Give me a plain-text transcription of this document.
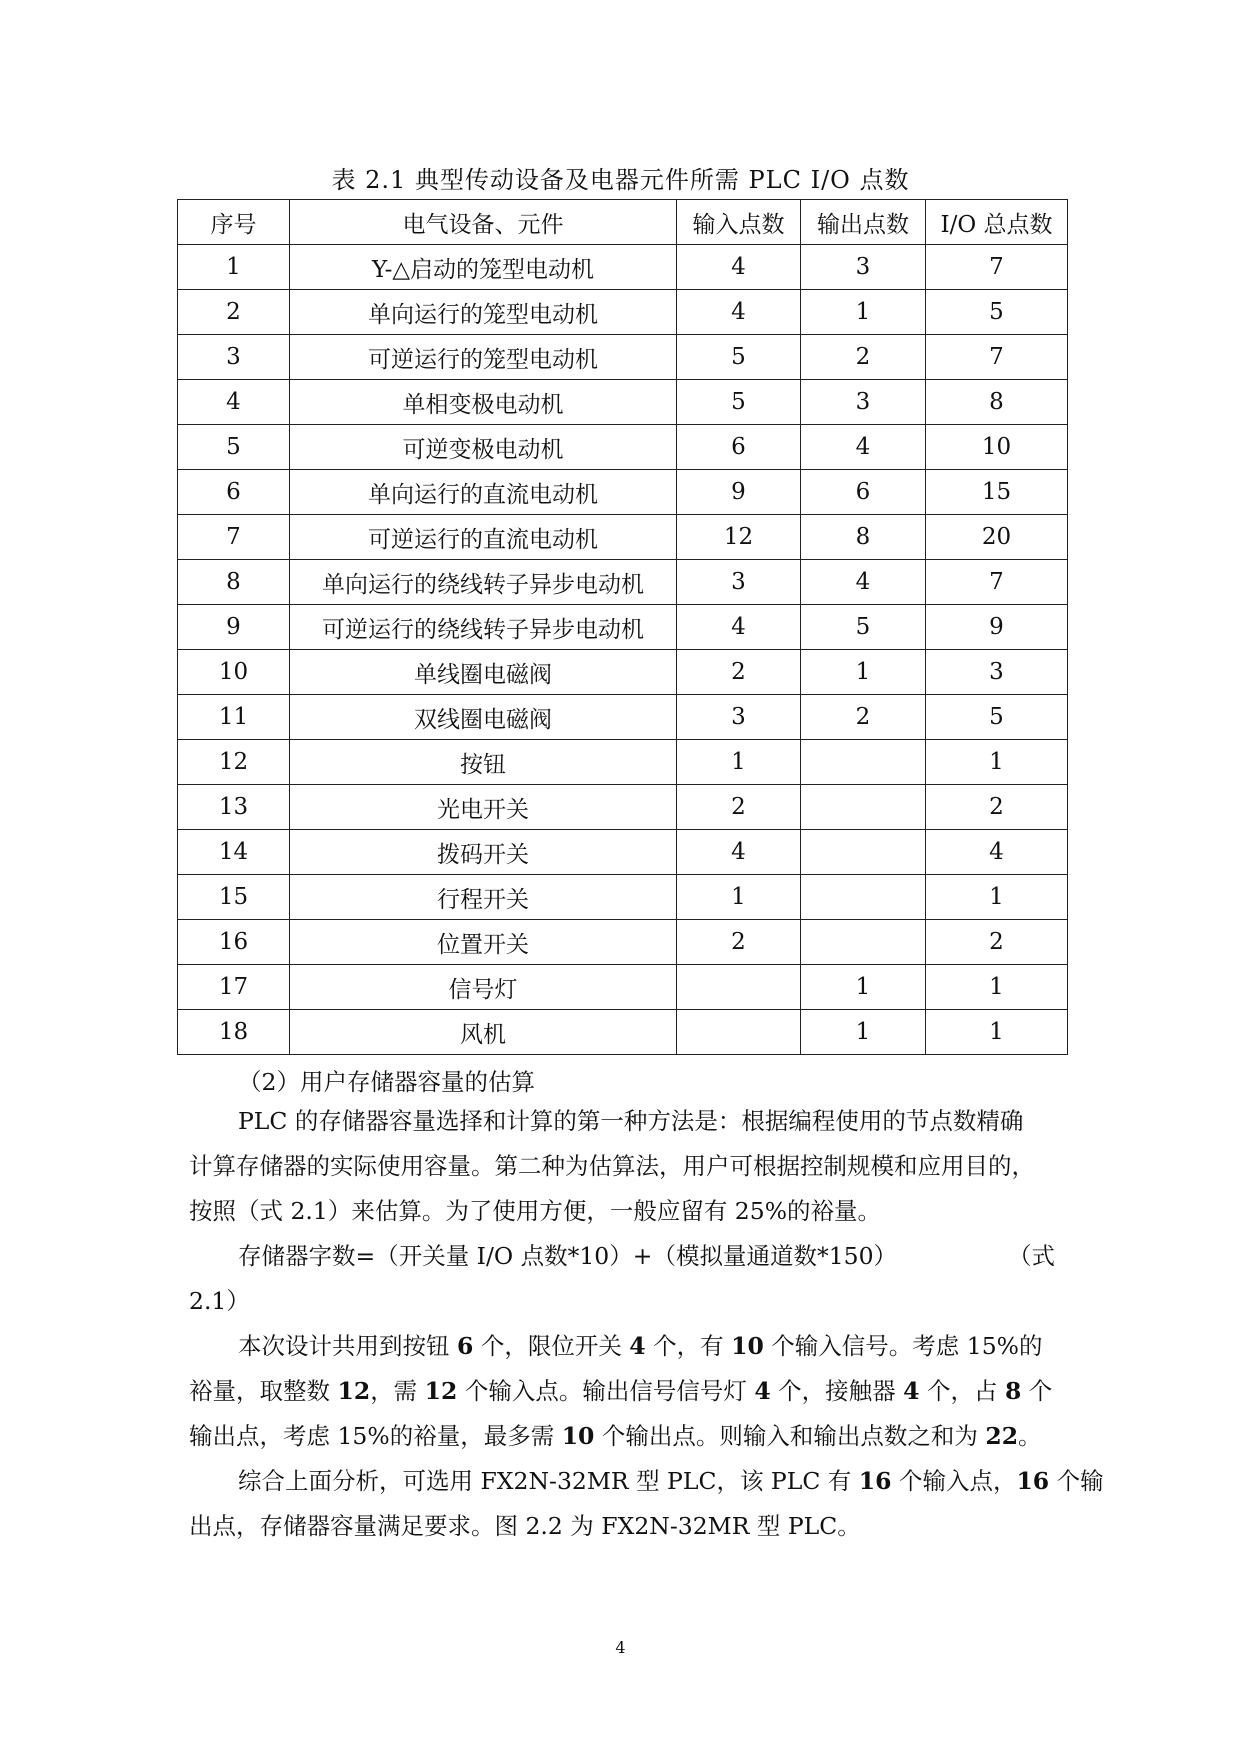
表 2.1 典型传动设备及电器元件所需 PLC I/O 点数
序号	电气设备、元件	输入点数	输出点数	I/O 总点数
1	Y-△启动的笼型电动机	4	3	7
2	单向运行的笼型电动机	4	1	5
3	可逆运行的笼型电动机	5	2	7
4	单相变极电动机	5	3	8
5	可逆变极电动机	6	4	10
6	单向运行的直流电动机	9	6	15
7	可逆运行的直流电动机	12	8	20
8	单向运行的绕线转子异步电动机	3	4	7
9	可逆运行的绕线转子异步电动机	4	5	9
10	单线圈电磁阀	2	1	3
11	双线圈电磁阀	3	2	5
12	按钮	1		1
13	光电开关	2		2
14	拨码开关	4		4
15	行程开关	1		1
16	位置开关	2		2
17	信号灯		1	1
18	风机		1	1
（2）用户存储器容量的估算
PLC 的存储器容量选择和计算的第一种方法是：根据编程使用的节点数精确
计算存储器的实际使用容量。第二种为估算法，用户可根据控制规模和应用目的，
按照（式 2.1）来估算。为了使用方便，一般应留有 25%的裕量。
存储器字数=（开关量 I/O 点数*10）+（模拟量通道数*150）	（式
2.1）
本次设计共用到按钮 6 个，限位开关 4 个，有 10 个输入信号。考虑 15%的
裕量，取整数 12，需 12 个输入点。输出信号信号灯 4 个，接触器 4 个，占 8 个
输出点，考虑 15%的裕量，最多需 10 个输出点。则输入和输出点数之和为 22。
综合上面分析，可选用 FX2N-32MR 型 PLC，该 PLC 有 16 个输入点，16 个输
出点，存储器容量满足要求。图 2.2 为 FX2N-32MR 型 PLC。
4
